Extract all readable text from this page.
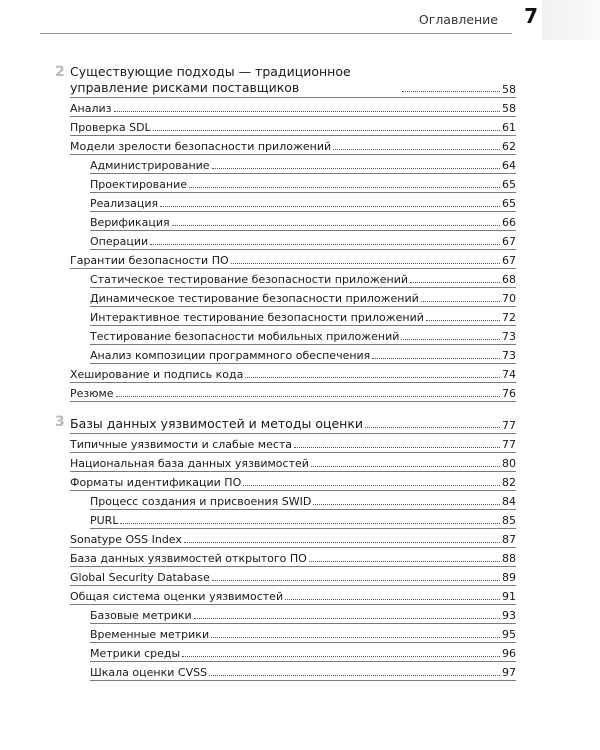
Оглавление 7
2 Существующие подходы — традиционное управление рисками поставщиков	58
Анализ	58
Проверка SDL	61
Модели зрелости безопасности приложений	62
Администрирование	64
Проектирование	65
Реализация	65
Верификация	66
Операции	67
Гарантии безопасности ПО	67
Статическое тестирование безопасности приложений	68
Динамическое тестирование безопасности приложений	70
Интерактивное тестирование безопасности приложений	72
Тестирование безопасности мобильных приложений	73
Анализ композиции программного обеспечения	73
Хеширование и подпись кода	74
Резюме	76
3 Базы данных уязвимостей и методы оценки	77
Типичные уязвимости и слабые места	77
Национальная база данных уязвимостей	80
Форматы идентификации ПО	82
Процесс создания и присвоения SWID	84
PURL	85
Sonatype OSS Index	87
База данных уязвимостей открытого ПО	88
Global Security Database	89
Общая система оценки уязвимостей	91
Базовые метрики	93
Временные метрики	95
Метрики среды	96
Шкала оценки CVSS	97
